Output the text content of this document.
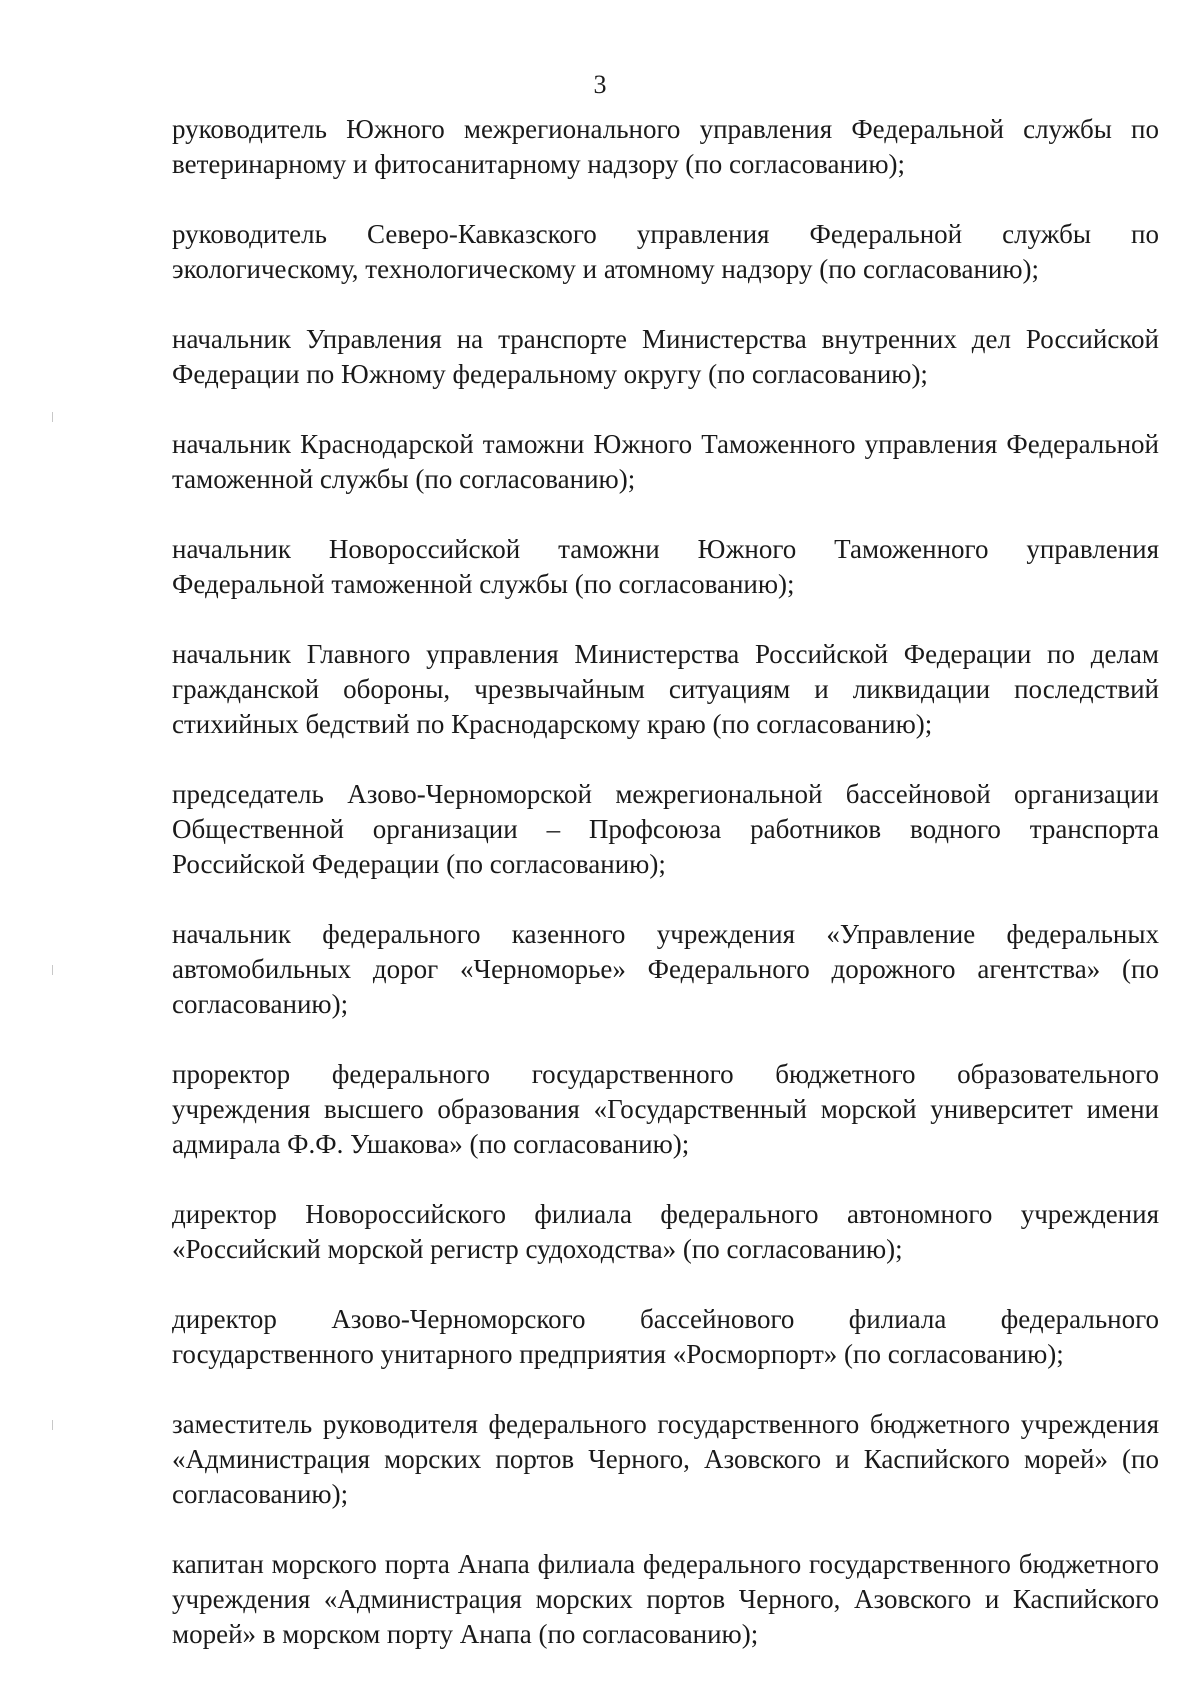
3

руководитель Южного межрегионального управления Федеральной службы по ветеринарному и фитосанитарному надзору (по согласованию);

руководитель Северо-Кавказского управления Федеральной службы по экологическому, технологическому и атомному надзору (по согласованию);

начальник Управления на транспорте Министерства внутренних дел Российской Федерации по Южному федеральному округу (по согласованию);

начальник Краснодарской таможни Южного Таможенного управления Федеральной таможенной службы (по согласованию);

начальник Новороссийской таможни Южного Таможенного управления Федеральной таможенной службы (по согласованию);

начальник Главного управления Министерства Российской Федерации по делам гражданской обороны, чрезвычайным ситуациям и ликвидации последствий стихийных бедствий по Краснодарскому краю (по согласованию);

председатель Азово-Черноморской межрегиональной бассейновой организации Общественной организации – Профсоюза работников водного транспорта Российской Федерации (по согласованию);

начальник федерального казенного учреждения «Управление федеральных автомобильных дорог «Черноморье» Федерального дорожного агентства» (по согласованию);

проректор федерального государственного бюджетного образовательного учреждения высшего образования «Государственный морской университет имени адмирала Ф.Ф. Ушакова» (по согласованию);

директор Новороссийского филиала федерального автономного учреждения «Российский морской регистр судоходства» (по согласованию);

директор Азово-Черноморского бассейнового филиала федерального государственного унитарного предприятия «Росморпорт» (по согласованию);

заместитель руководителя федерального государственного бюджетного учреждения «Администрация морских портов Черного, Азовского и Каспийского морей» (по согласованию);

капитан морского порта Анапа филиала федерального государственного бюджетного учреждения «Администрация морских портов Черного, Азовского и Каспийского морей» в морском порту Анапа (по согласованию);
